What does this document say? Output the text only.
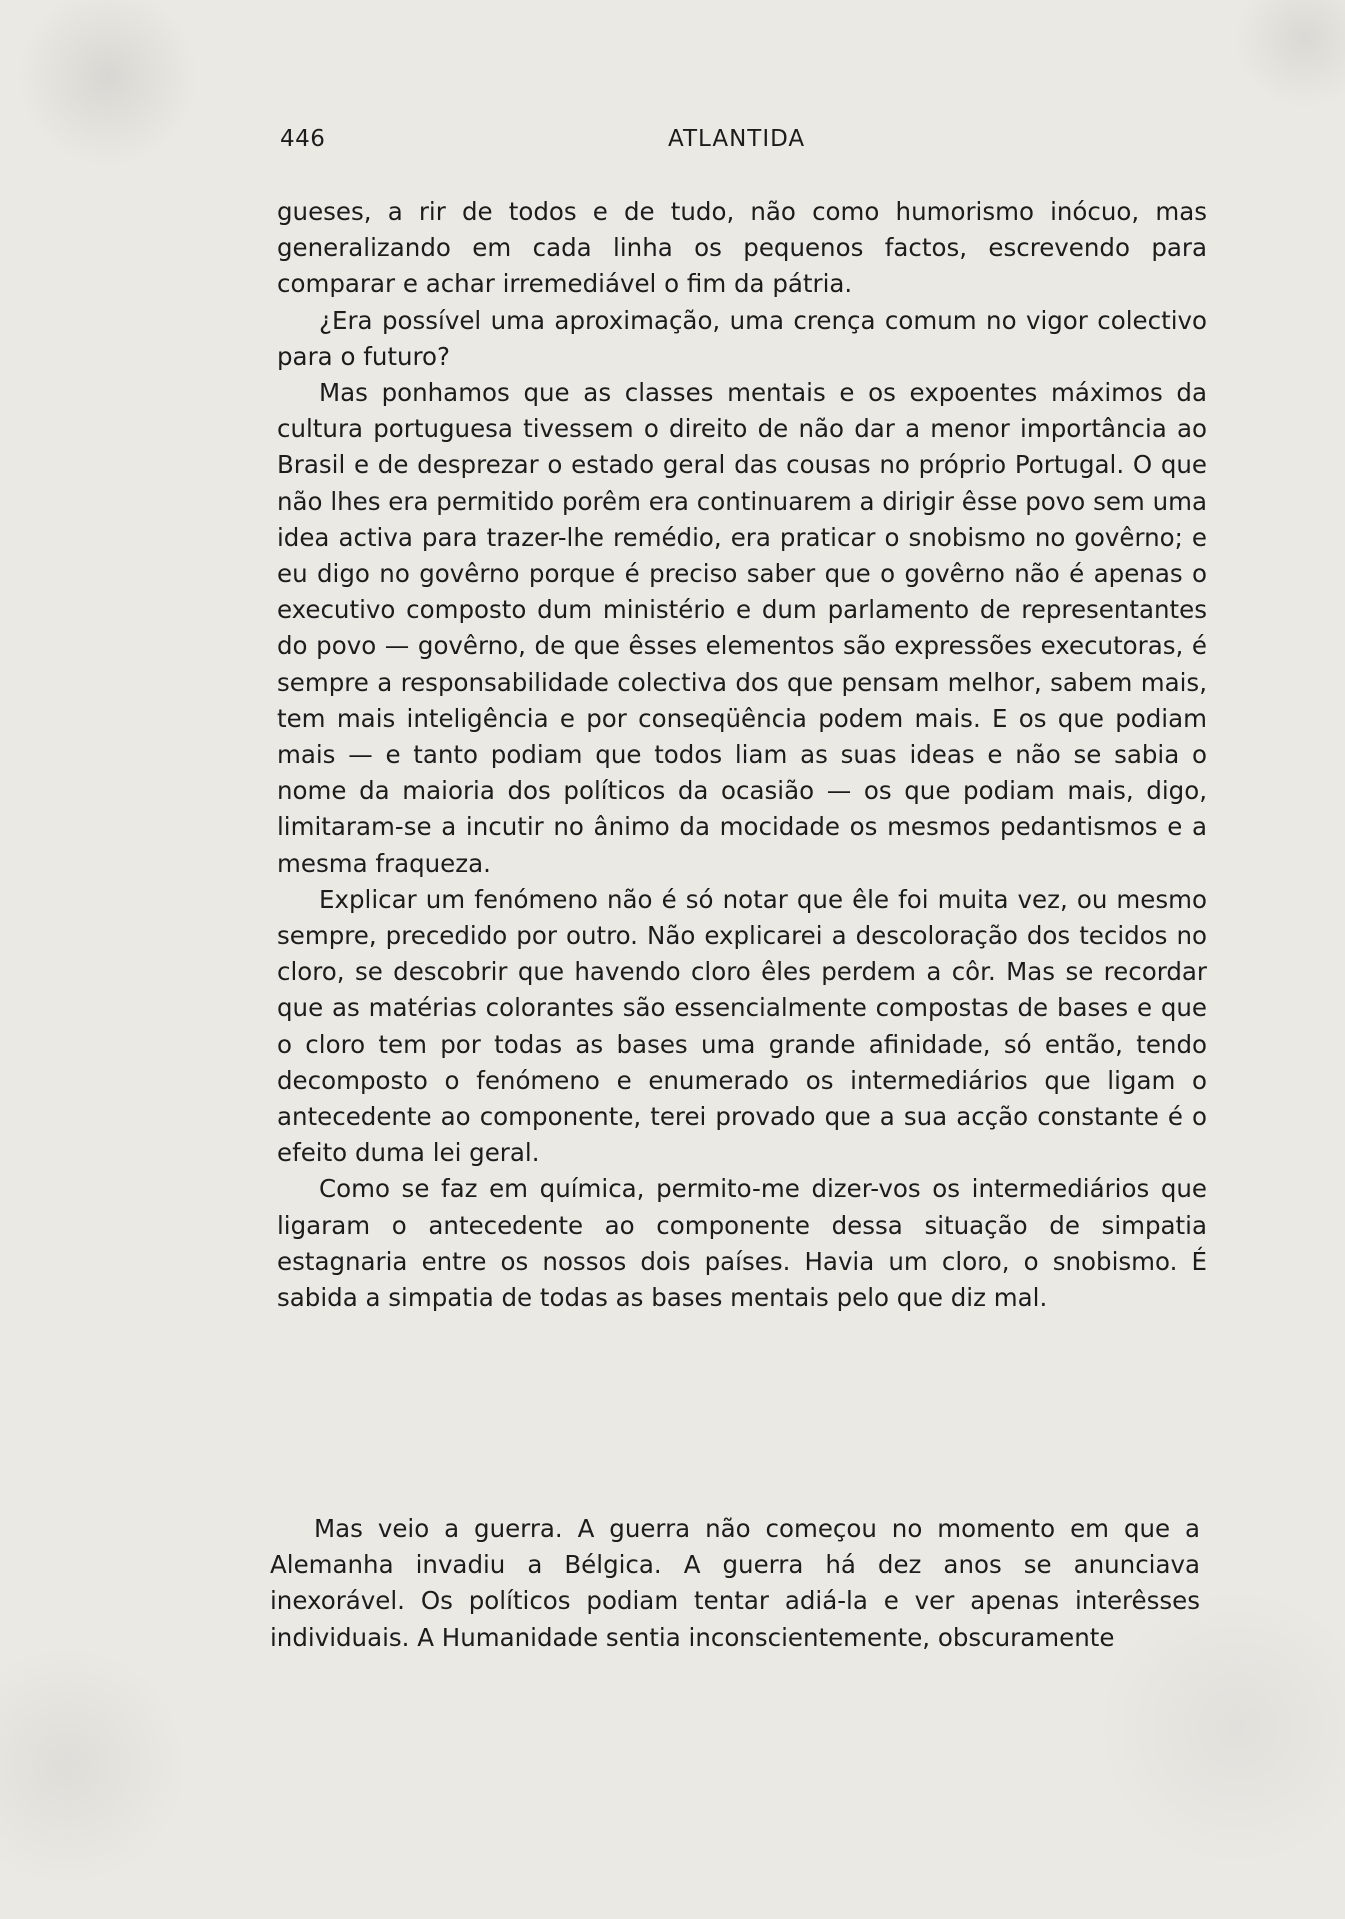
446	ATLANTIDA

gueses, a rir de todos e de tudo, não como humorismo inócuo, mas generalizando em cada linha os pequenos factos, escrevendo para comparar e achar irremediável o fim da pátria.

¿Era possível uma aproximação, uma crença comum no vigor colectivo para o futuro?

Mas ponhamos que as classes mentais e os expoentes máximos da cultura portuguesa tivessem o direito de não dar a menor importância ao Brasil e de desprezar o estado geral das cousas no próprio Portugal. O que não lhes era permitido porêm era continuarem a dirigir êsse povo sem uma idea activa para trazer-lhe remédio, era praticar o snobismo no govêrno; e eu digo no govêrno porque é preciso saber que o govêrno não é apenas o executivo composto dum ministério e dum parlamento de representantes do povo — govêrno, de que êsses elementos são expressões executoras, é sempre a responsabilidade colectiva dos que pensam melhor, sabem mais, tem mais inteligência e por conseqüência podem mais. E os que podiam mais — e tanto podiam que todos liam as suas ideas e não se sabia o nome da maioria dos políticos da ocasião — os que podiam mais, digo, limitaram-se a incutir no ânimo da mocidade os mesmos pedantismos e a mesma fraqueza.

Explicar um fenómeno não é só notar que êle foi muita vez, ou mesmo sempre, precedido por outro. Não explicarei a descoloração dos tecidos no cloro, se descobrir que havendo cloro êles perdem a côr. Mas se recordar que as matérias colorantes são essencialmente compostas de bases e que o cloro tem por todas as bases uma grande afinidade, só então, tendo decomposto o fenómeno e enumerado os intermediários que ligam o antecedente ao componente, terei provado que a sua acção constante é o efeito duma lei geral.

Como se faz em química, permito-me dizer-vos os intermediários que ligaram o antecedente ao componente dessa situação de simpatia estagnaria entre os nossos dois países. Havia um cloro, o snobismo. É sabida a simpatia de todas as bases mentais pelo que diz mal.

Mas veio a guerra. A guerra não começou no momento em que a Alemanha invadiu a Bélgica. A guerra há dez anos se anunciava inexorável. Os políticos podiam tentar adiá-la e ver apenas interêsses individuais. A Humanidade sentia inconscientemente, obscuramente
